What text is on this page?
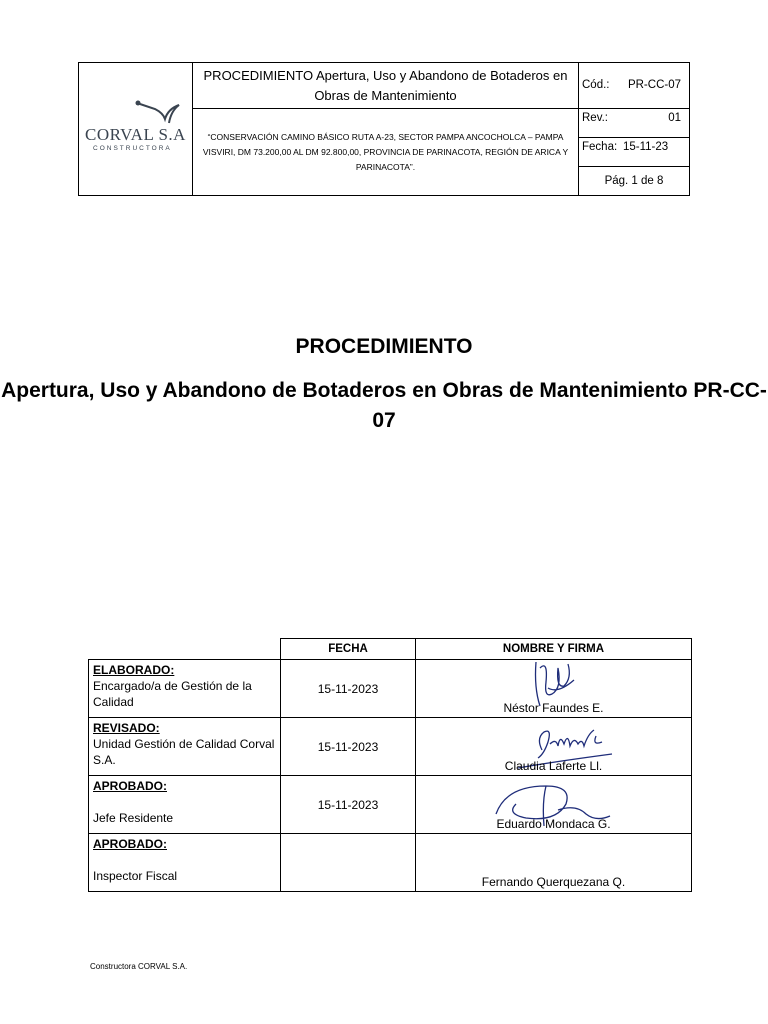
CORVAL S.A
CONSTRUCTORA	PROCEDIMIENTO Apertura, Uso y Abandono de Botaderos en Obras de Mantenimiento	Cód.: PR-CC-07

	“CONSERVACIÓN CAMINO BÁSICO RUTA A-23, SECTOR PAMPA ANCOCHOLCA – PAMPA VISVIRI, DM 73.200,00 AL DM 92.800,00, PROVINCIA DE PARINACOTA, REGIÓN DE ARICA Y PARINACOTA”.	Rev.: 01

		Fecha: 15-11-23

		Pág. 1 de 8
PROCEDIMIENTO
Apertura, Uso y Abandono de Botaderos en Obras de Mantenimiento PR-CC-07
	FECHA	NOMBRE Y FIRMA

ELABORADO:
Encargado/a de Gestión de la Calidad	15-11-2023	Néstor Faundes E.

REVISADO:
Unidad Gestión de Calidad Corval S.A.	15-11-2023	Claudia Laferte Ll.

APROBADO:

Jefe Residente	15-11-2023	Eduardo Mondaca G.

APROBADO:

Inspector Fiscal		Fernando Querquezana Q.
Constructora CORVAL S.A.
